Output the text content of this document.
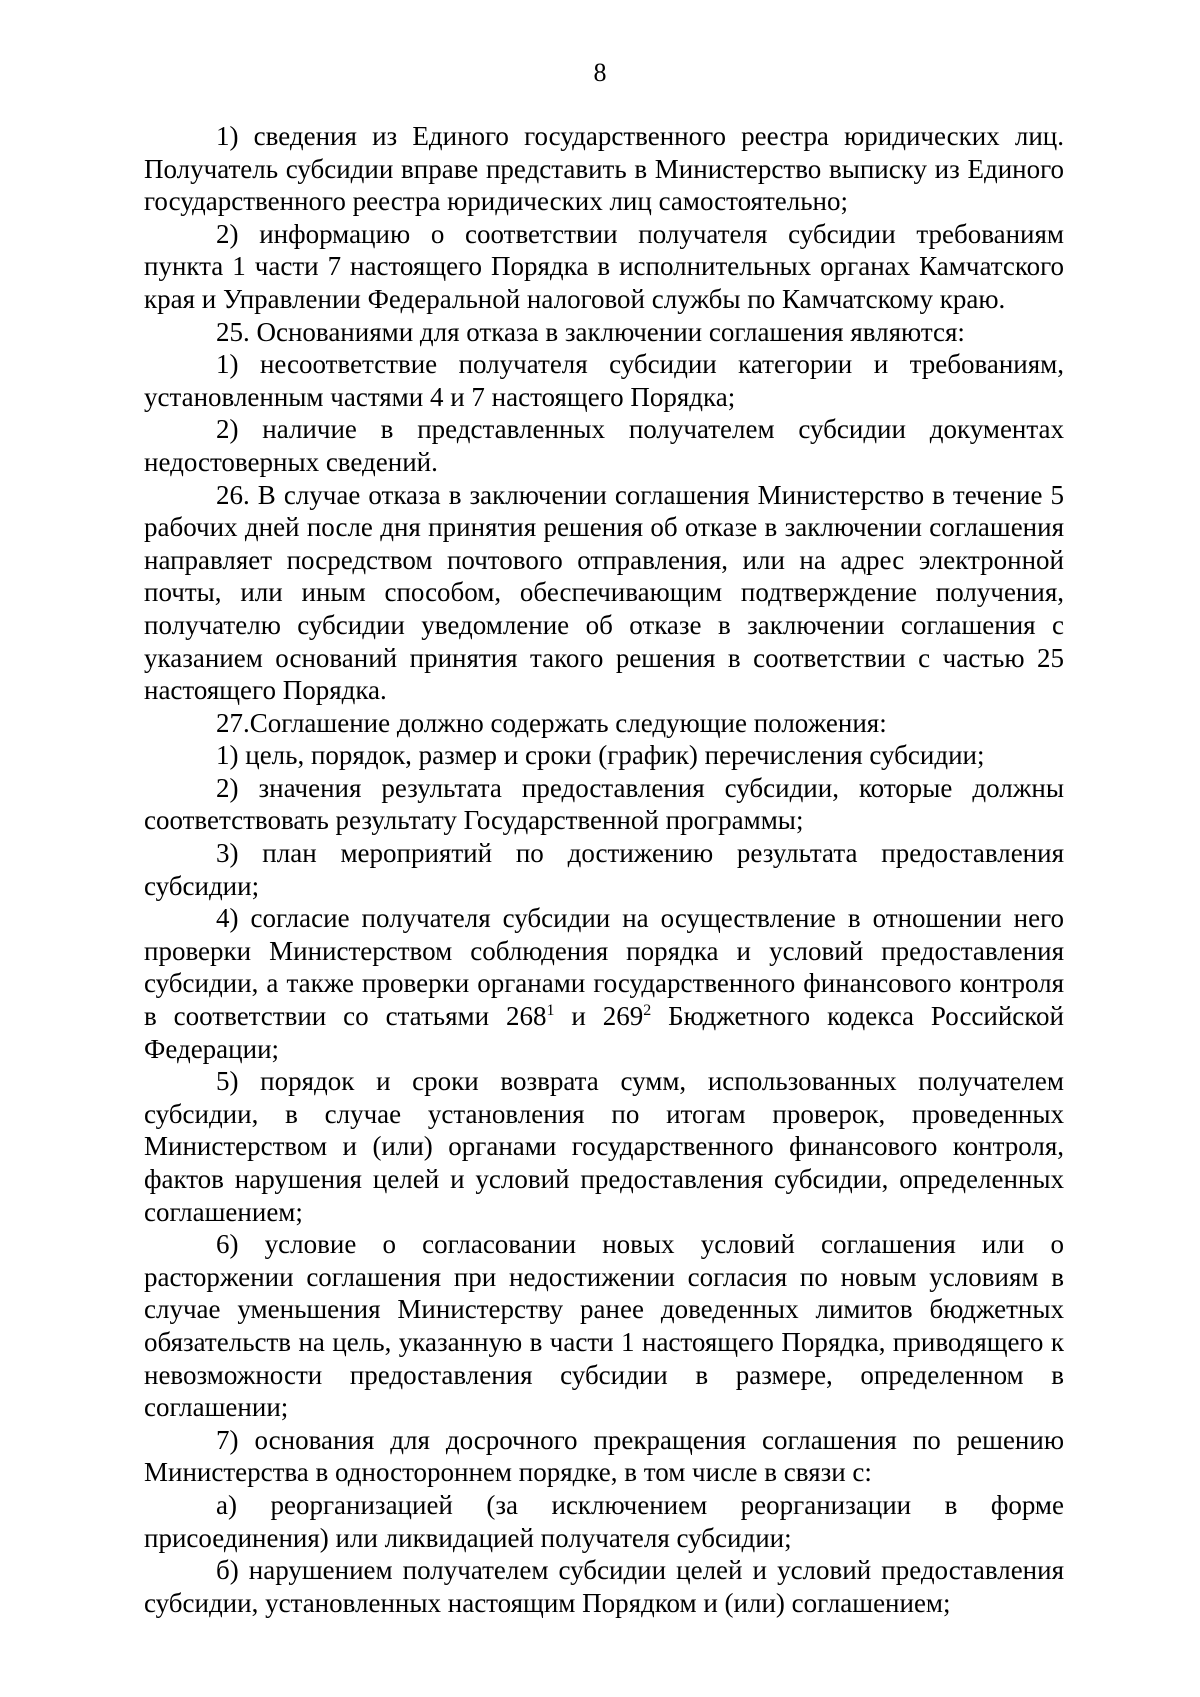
8

1) сведения из Единого государственного реестра юридических лиц. Получатель субсидии вправе представить в Министерство выписку из Единого государственного реестра юридических лиц самостоятельно;

2) информацию о соответствии получателя субсидии требованиям пункта 1 части 7 настоящего Порядка в исполнительных органах Камчатского края и Управлении Федеральной налоговой службы по Камчатскому краю.

25. Основаниями для отказа в заключении соглашения являются:

1) несоответствие получателя субсидии категории и требованиям, установленным частями 4 и 7 настоящего Порядка;

2) наличие в представленных получателем субсидии документах недостоверных сведений.

26. В случае отказа в заключении соглашения Министерство в течение 5 рабочих дней после дня принятия решения об отказе в заключении соглашения направляет посредством почтового отправления, или на адрес электронной почты, или иным способом, обеспечивающим подтверждение получения, получателю субсидии уведомление об отказе в заключении соглашения с указанием оснований принятия такого решения в соответствии с частью 25 настоящего Порядка.

27.Соглашение должно содержать следующие положения:

1) цель, порядок, размер и сроки (график) перечисления субсидии;

2) значения результата предоставления субсидии, которые должны соответствовать результату Государственной программы;

3) план мероприятий по достижению результата предоставления субсидии;

4) согласие получателя субсидии на осуществление в отношении него проверки Министерством соблюдения порядка и условий предоставления субсидии, а также проверки органами государственного финансового контроля в соответствии со статьями $268^1$ и $269^2$ Бюджетного кодекса Российской Федерации;

5) порядок и сроки возврата сумм, использованных получателем субсидии, в случае установления по итогам проверок, проведенных Министерством и (или) органами государственного финансового контроля, фактов нарушения целей и условий предоставления субсидии, определенных соглашением;

6) условие о согласовании новых условий соглашения или о расторжении соглашения при недостижении согласия по новым условиям в случае уменьшения Министерству ранее доведенных лимитов бюджетных обязательств на цель, указанную в части 1 настоящего Порядка, приводящего к невозможности предоставления субсидии в размере, определенном в соглашении;

7) основания для досрочного прекращения соглашения по решению Министерства в одностороннем порядке, в том числе в связи с:

а) реорганизацией (за исключением реорганизации в форме присоединения) или ликвидацией получателя субсидии;

б) нарушением получателем субсидии целей и условий предоставления субсидии, установленных настоящим Порядком и (или) соглашением;
